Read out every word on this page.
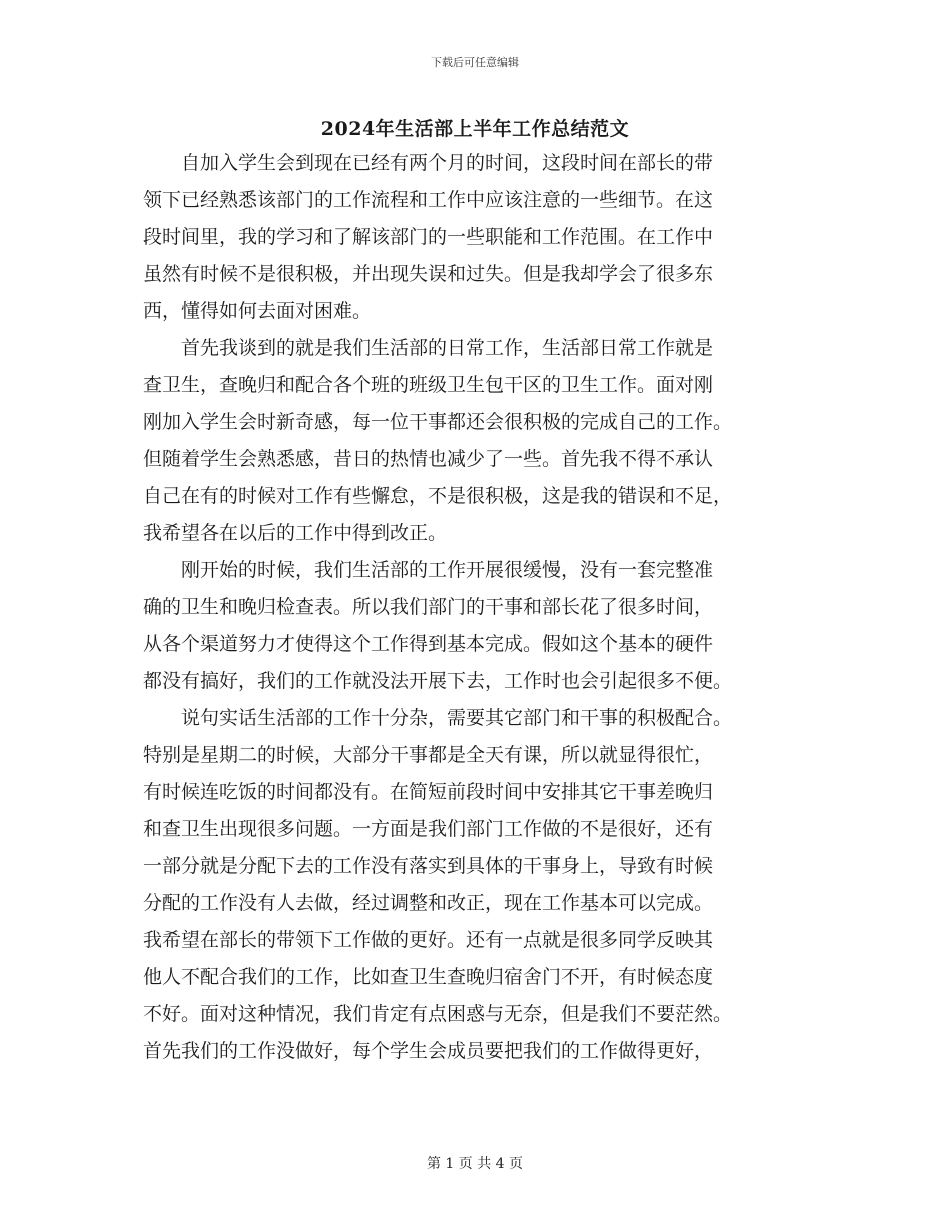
下载后可任意编辑
2024年生活部上半年工作总结范文
　　自加入学生会到现在已经有两个月的时间，这段时间在部长的带
领下已经熟悉该部门的工作流程和工作中应该注意的一些细节。在这
段时间里，我的学习和了解该部门的一些职能和工作范围。在工作中
虽然有时候不是很积极，并出现失误和过失。但是我却学会了很多东
西，懂得如何去面对困难。
　　首先我谈到的就是我们生活部的日常工作，生活部日常工作就是
查卫生，查晚归和配合各个班的班级卫生包干区的卫生工作。面对刚
刚加入学生会时新奇感，每一位干事都还会很积极的完成自己的工作。
但随着学生会熟悉感，昔日的热情也减少了一些。首先我不得不承认
自己在有的时候对工作有些懈怠，不是很积极，这是我的错误和不足，
我希望各在以后的工作中得到改正。
　　刚开始的时候，我们生活部的工作开展很缓慢，没有一套完整准
确的卫生和晚归检查表。所以我们部门的干事和部长花了很多时间，
从各个渠道努力才使得这个工作得到基本完成。假如这个基本的硬件
都没有搞好，我们的工作就没法开展下去，工作时也会引起很多不便。
　　说句实话生活部的工作十分杂，需要其它部门和干事的积极配合。
特别是星期二的时候，大部分干事都是全天有课，所以就显得很忙，
有时候连吃饭的时间都没有。在简短前段时间中安排其它干事差晚归
和查卫生出现很多问题。一方面是我们部门工作做的不是很好，还有
一部分就是分配下去的工作没有落实到具体的干事身上，导致有时候
分配的工作没有人去做，经过调整和改正，现在工作基本可以完成。
我希望在部长的带领下工作做的更好。还有一点就是很多同学反映其
他人不配合我们的工作，比如查卫生查晚归宿舍门不开，有时候态度
不好。面对这种情况，我们肯定有点困惑与无奈，但是我们不要茫然。
首先我们的工作没做好，每个学生会成员要把我们的工作做得更好，
第 1 页 共 4 页
